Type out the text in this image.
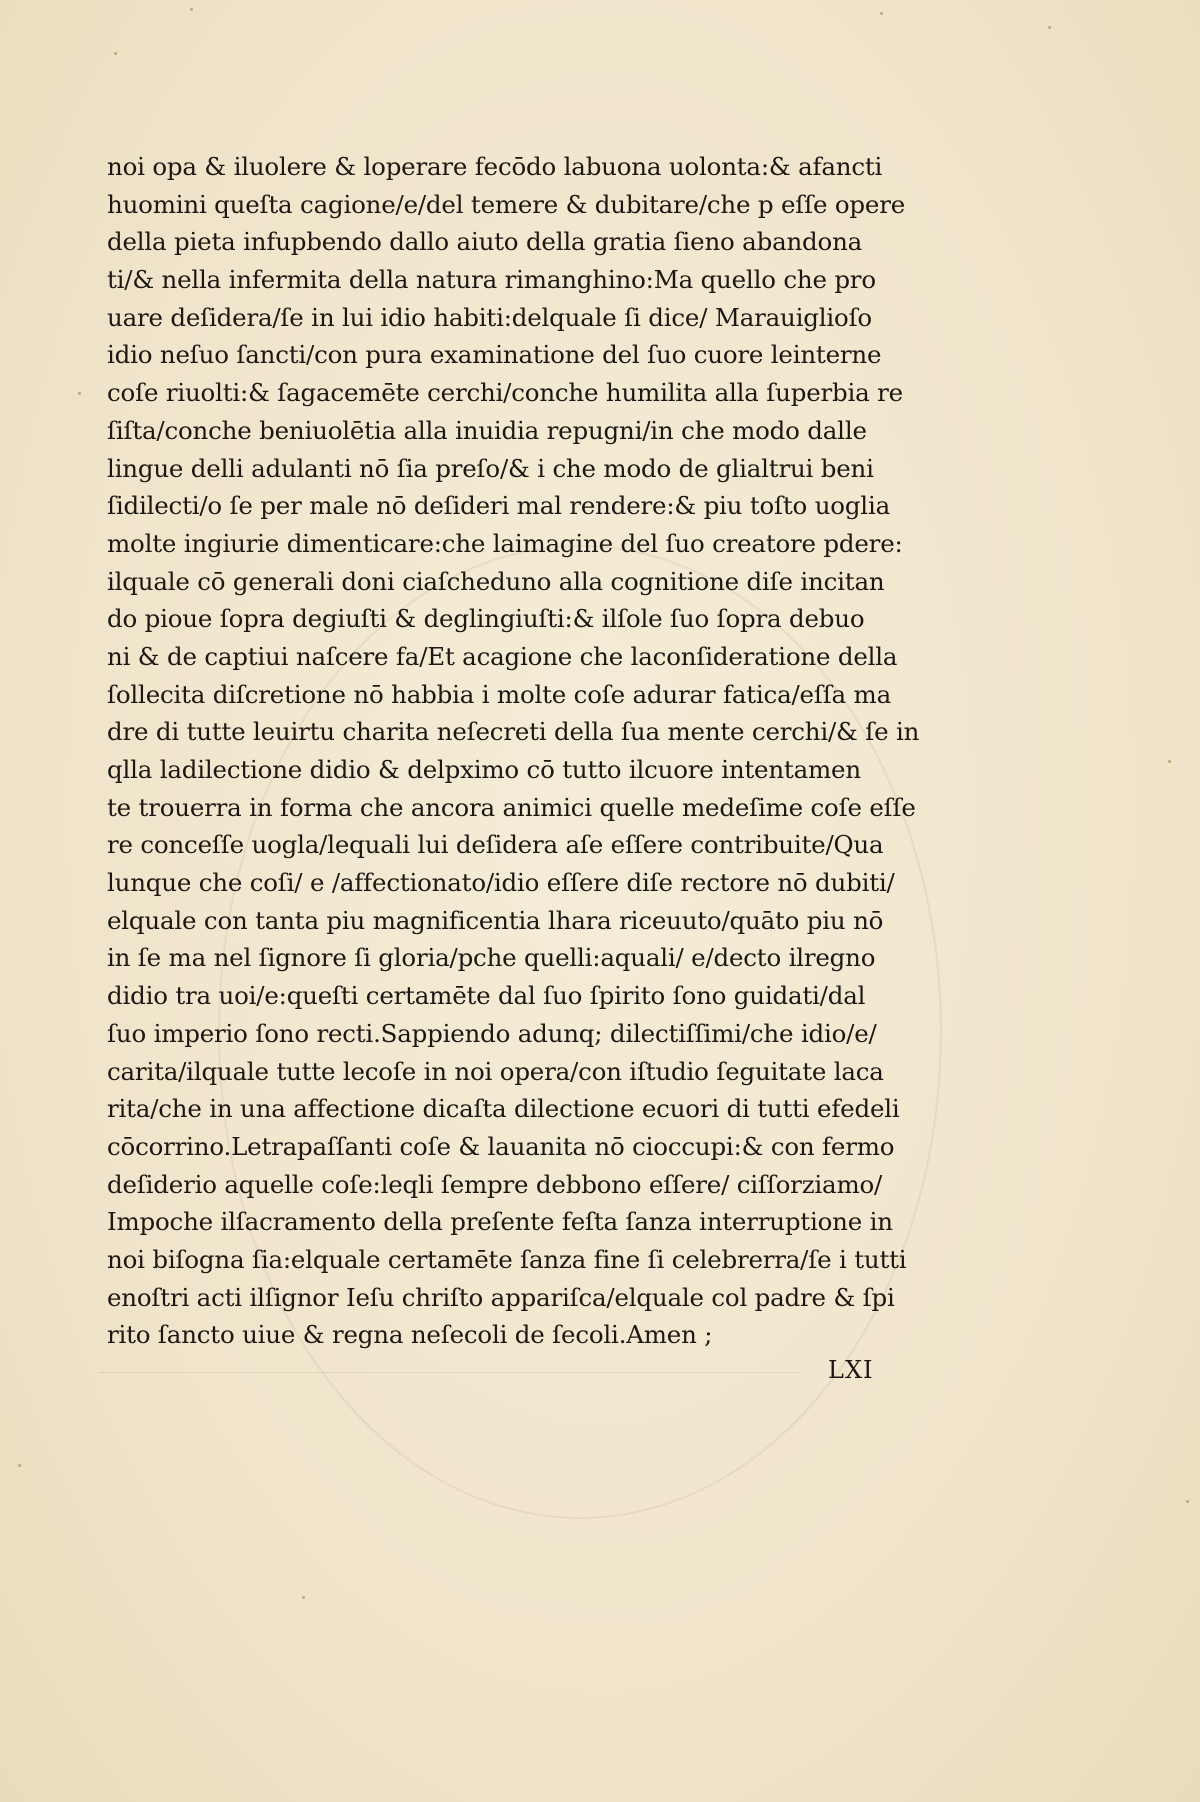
noi opa & iluolere & loperare fecōdo labuona uolonta:& afancti
huomini queſta cagione/e/del temere & dubitare/che p eſſe opere
della pieta infupbendo dallo aiuto della gratia ſieno abandona
ti/& nella infermita della natura rimanghino:Ma quello che pro
uare deſidera/ſe in lui idio habiti:delquale ſi dice/ Marauiglioſo
idio neſuo ſancti/con pura examinatione del ſuo cuore leinterne
coſe riuolti:& ſagacemēte cerchi/conche humilita alla ſuperbia re
ſiſta/conche beniuolētia alla inuidia repugni/in che modo dalle
lingue delli adulanti nō ſia preſo/& i che modo de glialtrui beni
ſidilecti/o ſe per male nō deſideri mal rendere:& piu toſto uoglia
molte ingiurie dimenticare:che laimagine del ſuo creatore pdere:
ilquale cō generali doni ciaſcheduno alla cognitione diſe incitan
do pioue ſopra degiuſti & deglingiuſti:& ilſole ſuo ſopra debuo
ni & de captiui naſcere fa/Et acagione che laconſideratione della
ſollecita diſcretione nō habbia i molte coſe adurar fatica/eſſa ma
dre di tutte leuirtu charita neſecreti della ſua mente cerchi/& ſe in
qlla ladilectione didio & delpximo cō tutto ilcuore intentamen
te trouerra in forma che ancora animici quelle medeſime coſe eſſe
re conceſſe uogla/lequali lui deſidera aſe eſſere contribuite/Qua
lunque che coſi/ e /affectionato/idio eſſere diſe rectore nō dubiti/
elquale con tanta piu magnificentia lhara riceuuto/quāto piu nō
in ſe ma nel ſignore ſi gloria/pche quelli:aquali/ e/decto ilregno
didio tra uoi/e:queſti certamēte dal ſuo ſpirito ſono guidati/dal
ſuo imperio ſono recti.Sappiendo adunq; dilectiſſimi/che idio/e/
carita/ilquale tutte lecoſe in noi opera/con iſtudio ſeguitate laca
rita/che in una affectione dicaſta dilectione ecuori di tutti efedeli
cōcorrino.Letrapaſſanti coſe & lauanita nō cioccupi:& con fermo
deſiderio aquelle coſe:leqli ſempre debbono eſſere/ ciſſorziamo/
Impoche ilſacramento della preſente feſta ſanza interruptione in
noi biſogna ſia:elquale certamēte ſanza fine ſi celebrerra/ſe i tutti
enoſtri acti ilſignor Ieſu chriſto appariſca/elquale col padre & ſpi
rito ſancto uiue & regna neſecoli de ſecoli.Amen ;
LXI
